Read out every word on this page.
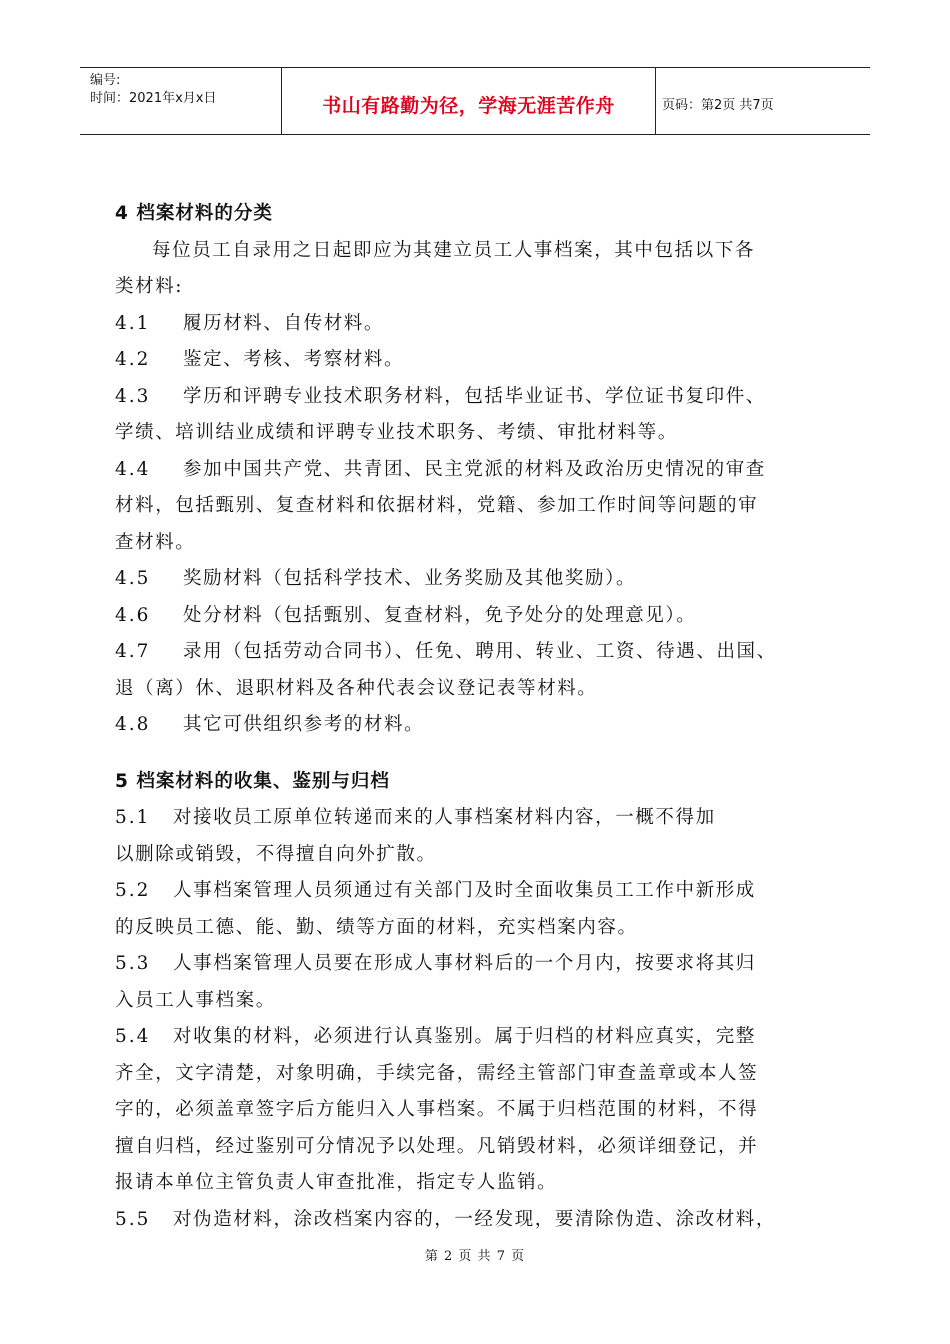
编号:
时间：2021年x月x日	书山有路勤为径，学海无涯苦作舟	页码：第2页 共7页
4 档案材料的分类
每位员工自录用之日起即应为其建立员工人事档案，其中包括以下各
类材料:
4.1 履历材料、自传材料。
4.2 鉴定、考核、考察材料。
4.3 学历和评聘专业技术职务材料，包括毕业证书、学位证书复印件、
学绩、培训结业成绩和评聘专业技术职务、考绩、审批材料等。
4.4 参加中国共产党、共青团、民主党派的材料及政治历史情况的审查
材料，包括甄别、复查材料和依据材料，党籍、参加工作时间等问题的审
查材料。
4.5 奖励材料（包括科学技术、业务奖励及其他奖励）。
4.6 处分材料（包括甄别、复查材料，免予处分的处理意见）。
4.7 录用（包括劳动合同书）、任免、聘用、转业、工资、待遇、出国、
退（离）休、退职材料及各种代表会议登记表等材料。
4.8 其它可供组织参考的材料。
5 档案材料的收集、鉴别与归档
5.1 对接收员工原单位转递而来的人事档案材料内容，一概不得加
以删除或销毁，不得擅自向外扩散。
5.2 人事档案管理人员须通过有关部门及时全面收集员工工作中新形成
的反映员工德、能、勤、绩等方面的材料，充实档案内容。
5.3 人事档案管理人员要在形成人事材料后的一个月内，按要求将其归
入员工人事档案。
5.4 对收集的材料，必须进行认真鉴别。属于归档的材料应真实，完整
齐全，文字清楚，对象明确，手续完备，需经主管部门审查盖章或本人签
字的，必须盖章签字后方能归入人事档案。不属于归档范围的材料，不得
擅自归档，经过鉴别可分情况予以处理。凡销毁材料，必须详细登记，并
报请本单位主管负责人审查批准，指定专人监销。
5.5 对伪造材料，涂改档案内容的，一经发现，要清除伪造、涂改材料，
第 2 页 共 7 页
